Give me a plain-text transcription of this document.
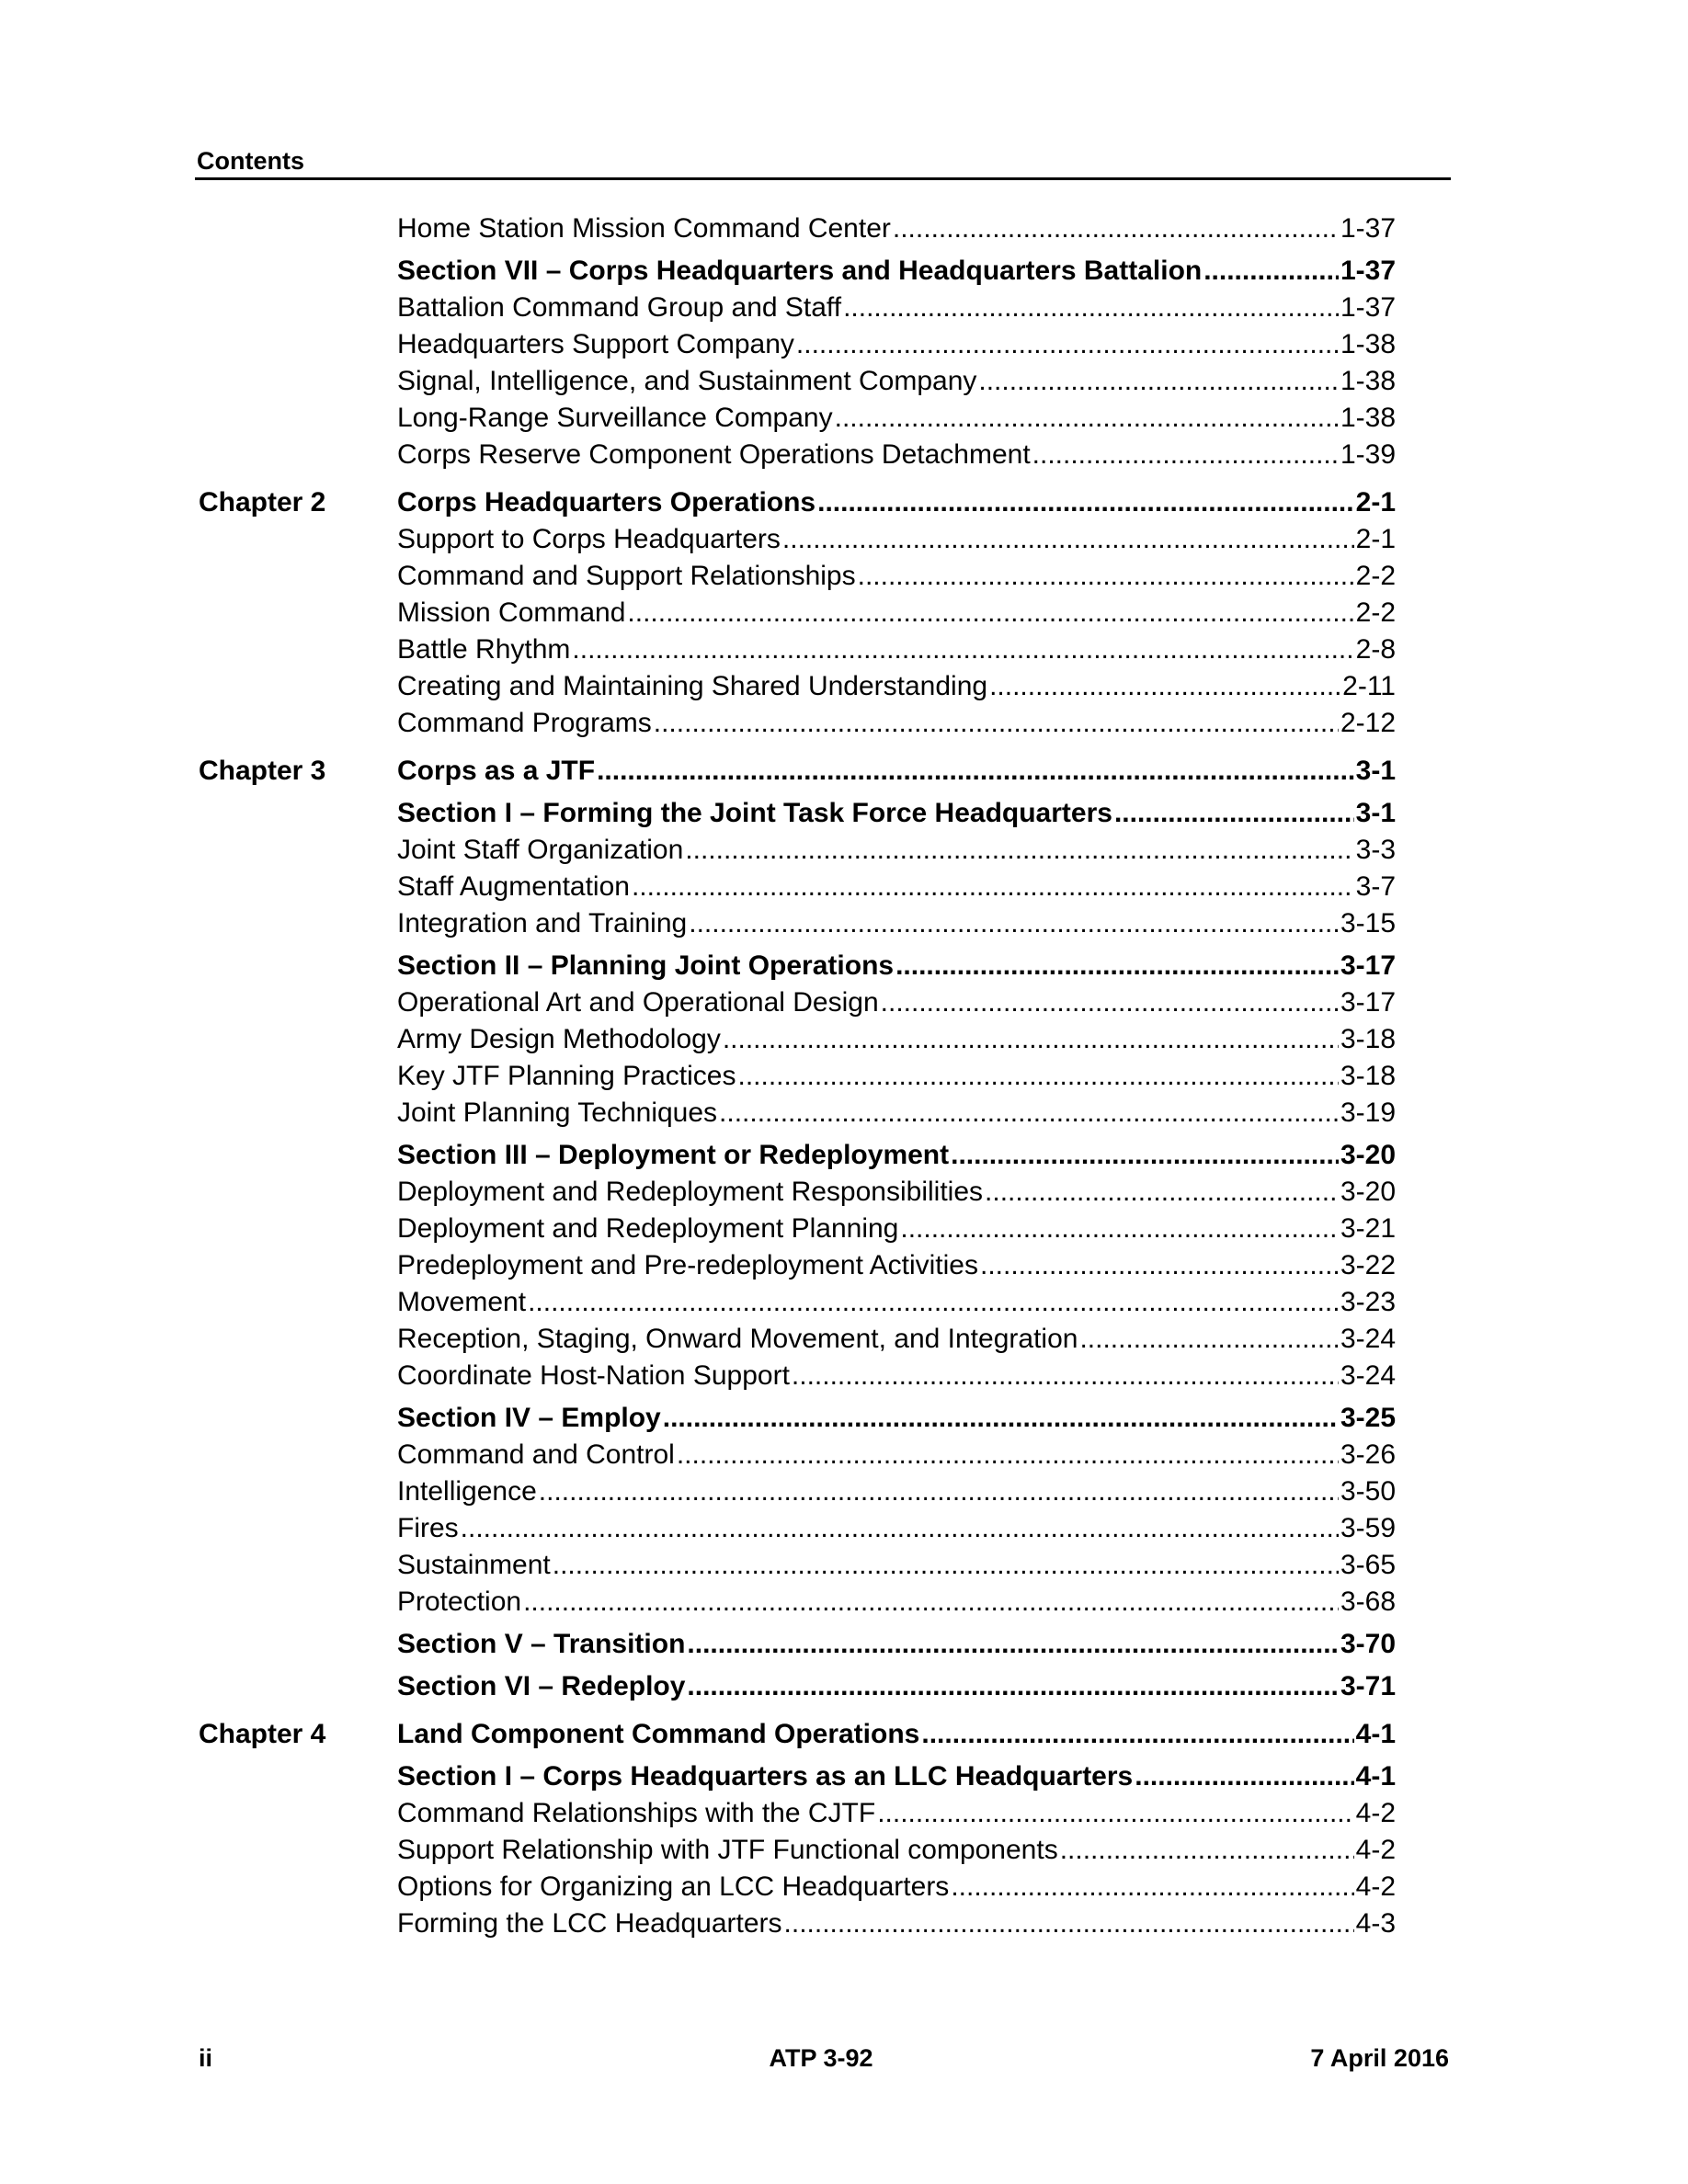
Contents
Home Station Mission Command Center .....	1-37
Section VII – Corps Headquarters and Headquarters Battalion .....	1-37
Battalion Command Group and Staff .....	1-37
Headquarters Support Company .....	1-38
Signal, Intelligence, and Sustainment Company .....	1-38
Long-Range Surveillance Company .....	1-38
Corps Reserve Component Operations Detachment .....	1-39
Chapter 2	Corps Headquarters Operations .....	2-1
Support to Corps Headquarters .....	2-1
Command and Support Relationships .....	2-2
Mission Command .....	2-2
Battle Rhythm .....	2-8
Creating and Maintaining Shared Understanding .....	2-11
Command Programs .....	2-12
Chapter 3	Corps as a JTF .....	3-1
Section I – Forming the Joint Task Force Headquarters .....	3-1
Joint Staff Organization .....	3-3
Staff Augmentation .....	3-7
Integration and Training .....	3-15
Section II – Planning Joint Operations .....	3-17
Operational Art and Operational Design .....	3-17
Army Design Methodology .....	3-18
Key JTF Planning Practices .....	3-18
Joint Planning Techniques .....	3-19
Section III – Deployment or Redeployment .....	3-20
Deployment and Redeployment Responsibilities .....	3-20
Deployment and Redeployment Planning .....	3-21
Predeployment and Pre-redeployment Activities .....	3-22
Movement .....	3-23
Reception, Staging, Onward Movement, and Integration .....	3-24
Coordinate Host-Nation Support .....	3-24
Section IV – Employ .....	3-25
Command and Control .....	3-26
Intelligence .....	3-50
Fires .....	3-59
Sustainment .....	3-65
Protection .....	3-68
Section V – Transition .....	3-70
Section VI – Redeploy .....	3-71
Chapter 4	Land Component Command Operations .....	4-1
Section I – Corps Headquarters as an LLC Headquarters .....	4-1
Command Relationships with the CJTF .....	4-2
Support Relationship with JTF Functional components .....	4-2
Options for Organizing an LCC Headquarters .....	4-2
Forming the LCC Headquarters .....	4-3
ii	ATP 3-92	7 April 2016
